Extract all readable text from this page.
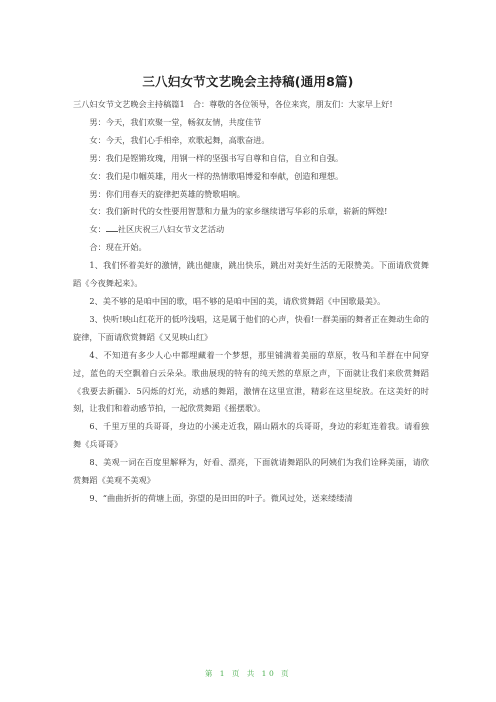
三八妇女节文艺晚会主持稿(通用8篇)

三八妇女节文艺晚会主持稿篇1　合：尊敬的各位领导，各位来宾，朋友们：大家早上好!

男：今天，我们欢聚一堂，畅叙友情，共度佳节

女：今天，我们心手相牵，欢歌起舞，高歌奋进。

男：我们是铿锵玫瑰，用钢一样的坚强书写自尊和自信，自立和自强。

女：我们是巾帼英雄，用火一样的热情歌唱博爱和奉献，创造和理想。

男：你们用春天的旋律把英雄的赞歌唱响。

女：我们新时代的女性要用智慧和力量为的家乡继续谱写华彩的乐章，崭新的辉煌!

女： 社区庆祝三八妇女节文艺活动

合：现在开始。

1、我们怀着美好的激情，跳出健康，跳出快乐，跳出对美好生活的无限赞美。下面请欣赏舞蹈《今夜舞起来》。

2、美不够的是咱中国的歌，唱不够的是咱中国的美，请欣赏舞蹈《中国歌最美》。

3、快听!映山红花开的低吟浅唱，这是属于他们的心声，快看!一群美丽的舞者正在舞动生命的旋律，下面请欣赏舞蹈《又见映山红》

4、不知道有多少人心中都埋藏着一个梦想，那里铺满着美丽的草原，牧马和羊群在中间穿过，蓝色的天空飘着白云朵朵。歌曲展现的特有的纯天然的草原之声，下面就让我们来欣赏舞蹈《我要去新疆》．5闪烁的灯光，动感的舞蹈，激情在这里宣泄，精彩在这里绽放。在这美好的时刻，让我们和着动感节拍，一起欣赏舞蹈《摇摆歌》。

6、千里万里的兵哥哥，身边的小溪走近我，隔山隔水的兵哥哥，身边的彩虹连着我。请看独舞《兵哥哥》

8、美观一词在百度里解释为，好看、漂亮，下面就请舞蹈队的阿姨们为我们诠释美丽，请欣赏舞蹈《美观不美观》

9、“曲曲折折的荷塘上面，弥望的是田田的叶子。微风过处，送来缕缕清

第 1 页 共 10 页
